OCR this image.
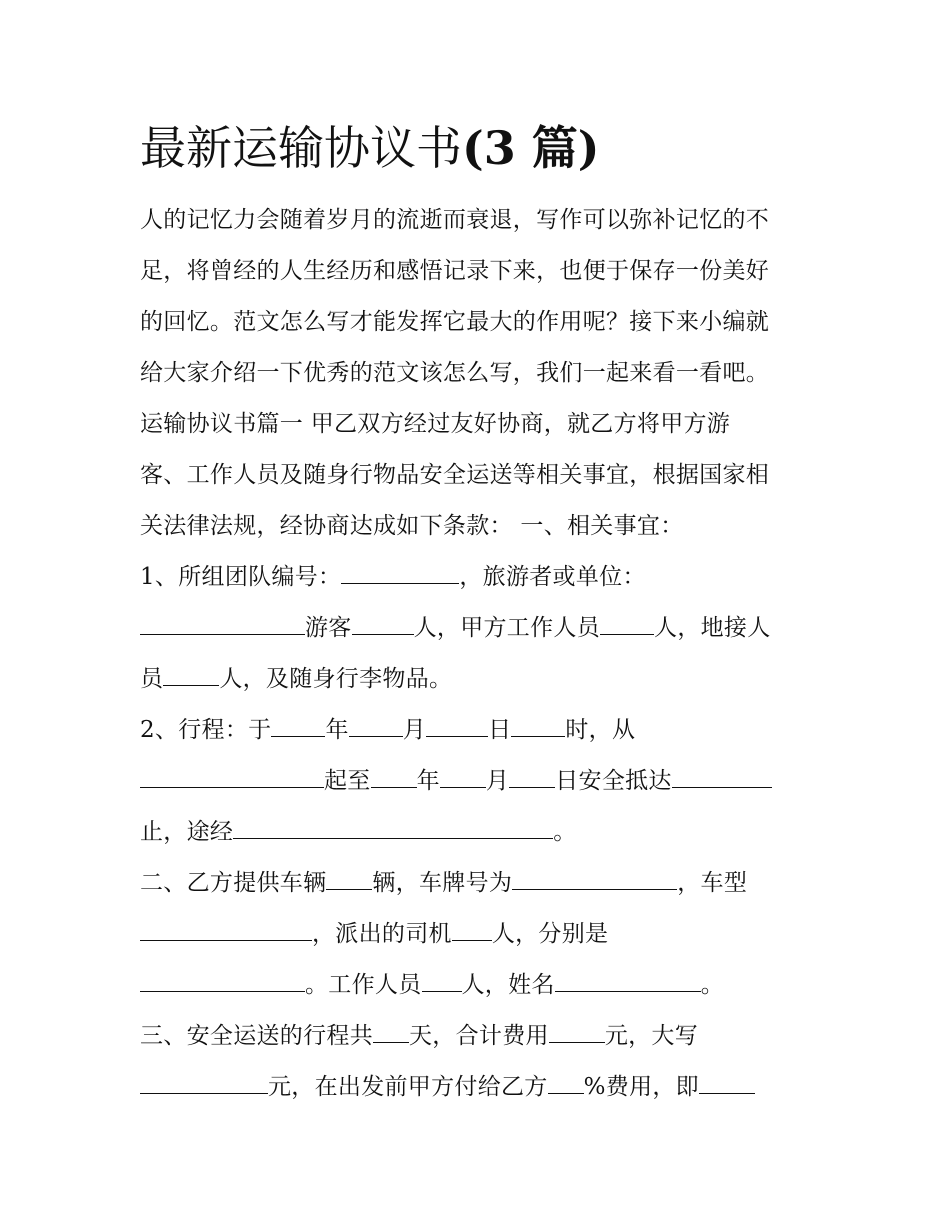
最新运输协议书(3 篇)

人的记忆力会随着岁月的流逝而衰退，写作可以弥补记忆的不

足，将曾经的人生经历和感悟记录下来，也便于保存一份美好

的回忆。范文怎么写才能发挥它最大的作用呢？接下来小编就

给大家介绍一下优秀的范文该怎么写，我们一起来看一看吧。

运输协议书篇一 甲乙双方经过友好协商，就乙方将甲方游

客、工作人员及随身行物品安全运送等相关事宜，根据国家相

关法律法规，经协商达成如下条款： 一、相关事宜：

1、所组团队编号：	，旅游者或单位：

游客	人，甲方工作人员 人，地接人

员 人，及随身行李物品。

2、行程：于 年 月	日 时，从

起至 年 月 日安全抵达

止，途经	。

二、乙方提供车辆 辆，车牌号为	，车型

，派出的司机 人，分别是

。工作人员 人，姓名	。

三、安全运送的行程共 天，合计费用 元，大写

元，在出发前甲方付给乙方 %费用，即
